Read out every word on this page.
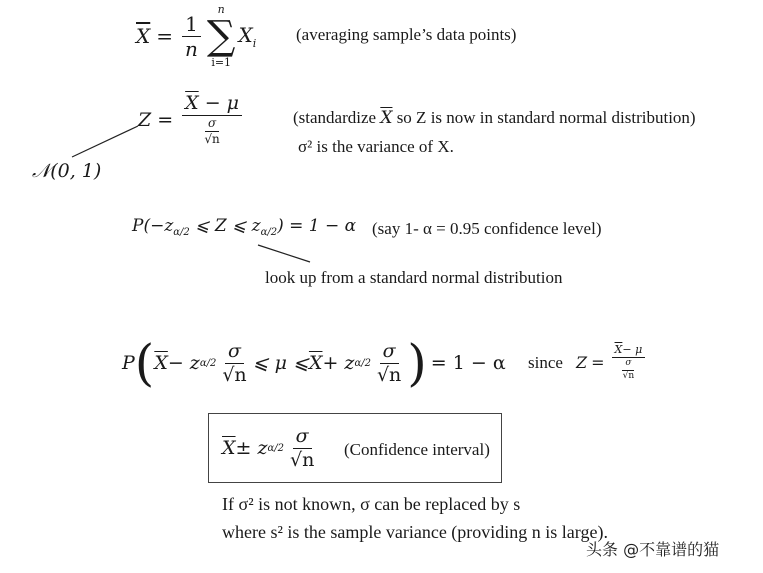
$\overline{X} = \frac{1}{n}$
n
∑
i=1
$X_i$ (averaging sample’s data points)
$Z = \frac{\overline{X} - \mu}{\frac{\sigma}{√n}}$	(standardize $\overline{X}$ so Z is now in standard normal distribution)
σ² is the variance of X.
𝒩(0, 1)
$P(-z_{\alpha/2}$ ⩽ Z ⩽ $z_{\alpha/2}) = 1 - \alpha$ (say 1- α = 0.95 confidence level)
look up from a standard normal distribution
P ( $\overline{X} - z$ $\alpha/2 \frac{\sigma}{√n}$ ⩽ μ ⩽ $\overline{X} + z$ $\alpha/2 \frac{\sigma}{√n}$ ) = 1 − α since $Z = \frac{\overline{X}- \mu}{\frac{\sigma}{√n}}$
$\overline{X} \pm z$ $\alpha/2 \frac{\sigma}{√n}$ (Confidence interval)
If σ² is not known, σ can be replaced by s
where s² is the sample variance (providing n is large).
头条 @不靠谱的猫
